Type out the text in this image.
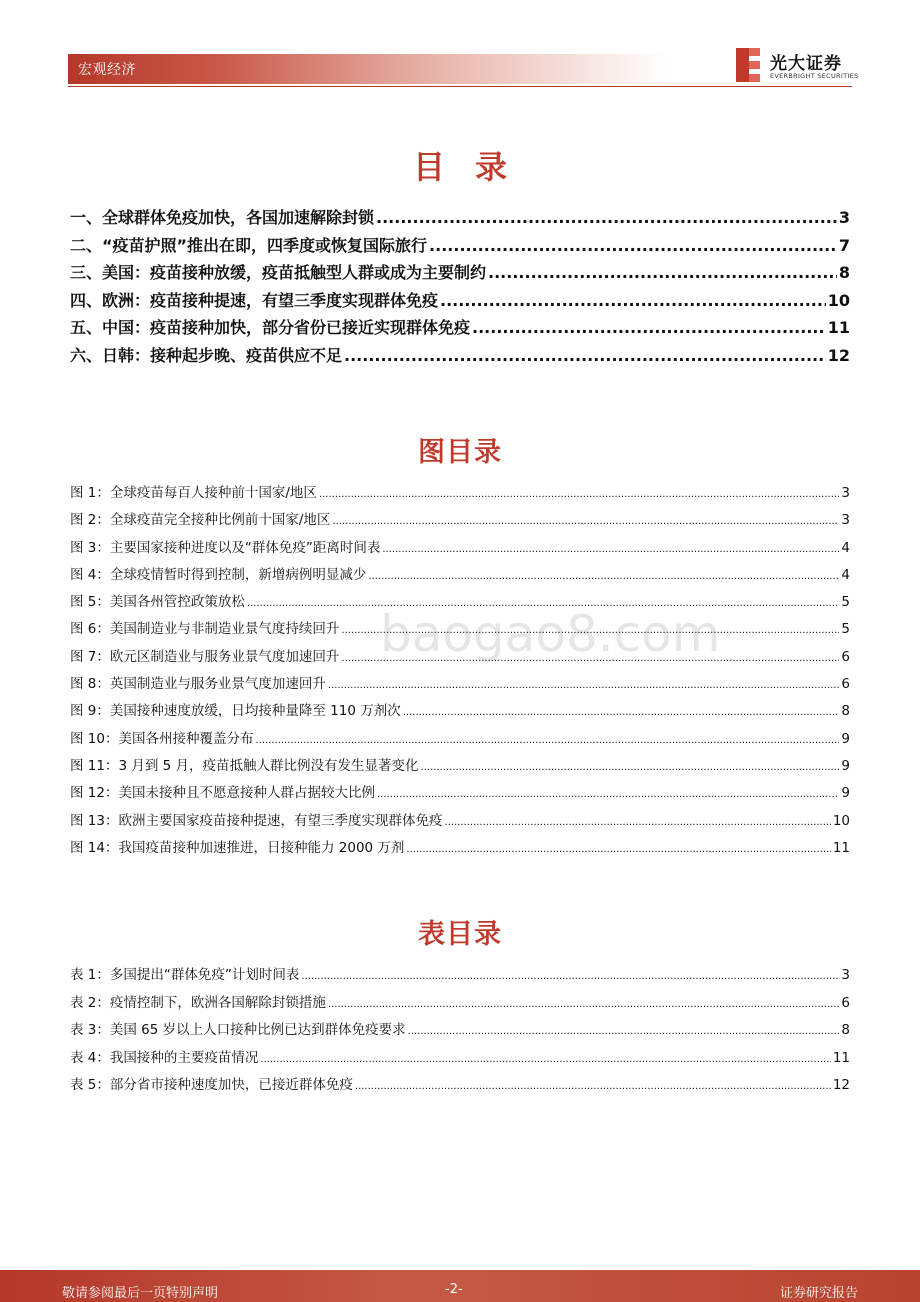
宏观经济	光大证券
EVERBRIGHT SECURITIES
baogao8.com
目录
一、全球群体免疫加快，各国加速解除封锁 .....	3
二、“疫苗护照”推出在即，四季度或恢复国际旅行 .....	7
三、美国：疫苗接种放缓，疫苗抵触型人群或成为主要制约 .....	8
四、欧洲：疫苗接种提速，有望三季度实现群体免疫 .....	10
五、中国：疫苗接种加快，部分省份已接近实现群体免疫 .....	11
六、日韩：接种起步晚、疫苗供应不足 .....	12
图目录
图 1：全球疫苗每百人接种前十国家/地区 .....	3
图 2：全球疫苗完全接种比例前十国家/地区 .....	3
图 3：主要国家接种进度以及“群体免疫”距离时间表 .....	4
图 4：全球疫情暂时得到控制，新增病例明显减少 .....	4
图 5：美国各州管控政策放松 .....	5
图 6：美国制造业与非制造业景气度持续回升 .....	5
图 7：欧元区制造业与服务业景气度加速回升 .....	6
图 8：英国制造业与服务业景气度加速回升 .....	6
图 9：美国接种速度放缓，日均接种量降至 110 万剂次 .....	8
图 10：美国各州接种覆盖分布 .....	9
图 11：3 月到 5 月，疫苗抵触人群比例没有发生显著变化 .....	9
图 12：美国未接种且不愿意接种人群占据较大比例 .....	9
图 13：欧洲主要国家疫苗接种提速，有望三季度实现群体免疫 .....	10
图 14：我国疫苗接种加速推进，日接种能力 2000 万剂 .....	11
表目录
表 1：多国提出“群体免疫”计划时间表 .....	3
表 2：疫情控制下，欧洲各国解除封锁措施 .....	6
表 3：美国 65 岁以上人口接种比例已达到群体免疫要求 .....	8
表 4：我国接种的主要疫苗情况 .....	11
表 5：部分省市接种速度加快，已接近群体免疫 .....	12
敬请参阅最后一页特别声明	-2-	证券研究报告
